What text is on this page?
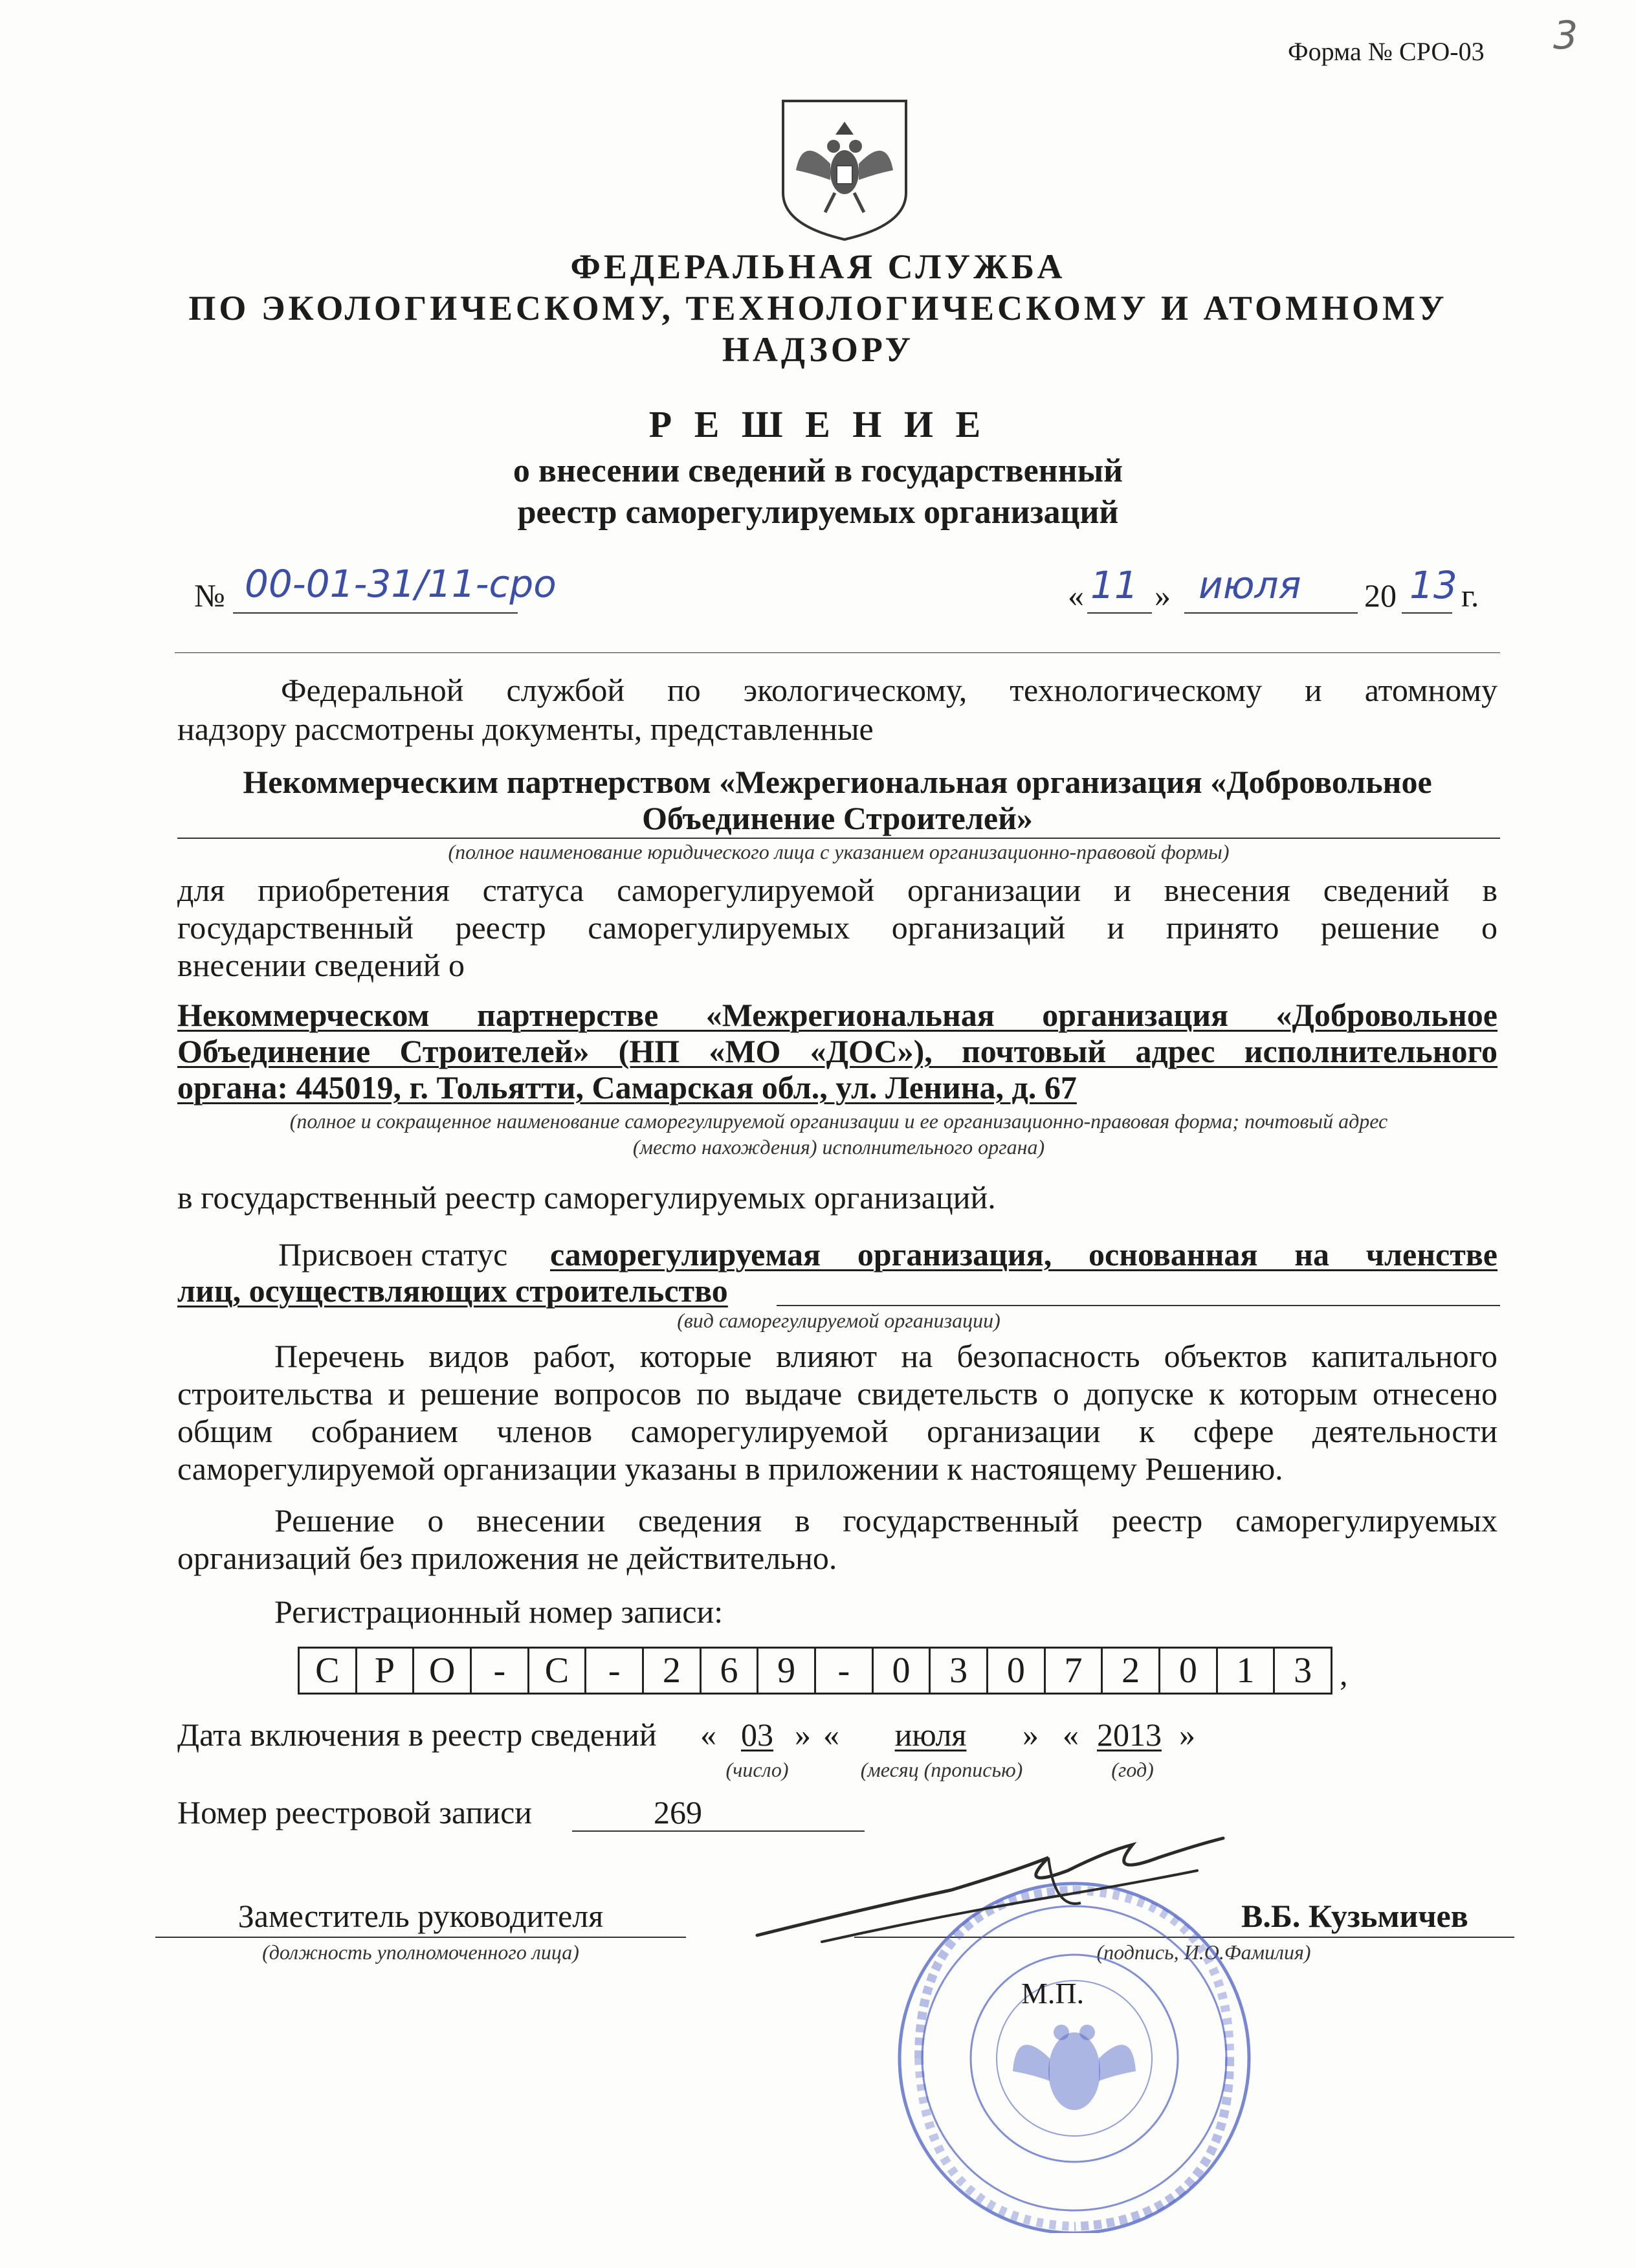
Форма № СРО-03 3
ФЕДЕРАЛЬНАЯ СЛУЖБА
ПО ЭКОЛОГИЧЕСКОМУ, ТЕХНОЛОГИЧЕСКОМУ И АТОМНОМУ
НАДЗОРУ
Р Е Ш Е Н И Е
о внесении сведений в государственный
реестр саморегулируемых организаций
№ 00-01-31/11-сро	« 11 » июля 20 13 г.
Федеральной службой по экологическому, технологическому и атомному
надзору рассмотрены документы, представленные
Некоммерческим партнерством «Межрегиональная организация «Добровольное
Объединение Строителей»
(полное наименование юридического лица с указанием организационно-правовой формы)
для приобретения статуса саморегулируемой организации и внесения сведений в
государственный реестр саморегулируемых организаций и принято решение о
внесении сведений о
Некоммерческом партнерстве «Межрегиональная организация «Добровольное
Объединение Строителей» (НП «МО «ДОС»), почтовый адрес исполнительного
органа: 445019, г. Тольятти, Самарская обл., ул. Ленина, д. 67
(полное и сокращенное наименование саморегулируемой организации и ее организационно-правовая форма; почтовый адрес
(место нахождения) исполнительного органа)
в государственный реестр саморегулируемых организаций.
Присвоен статус саморегулируемая организация, основанная на членстве
лиц, осуществляющих строительство
(вид саморегулируемой организации)
Перечень видов работ, которые влияют на безопасность объектов капитального
строительства и решение вопросов по выдаче свидетельств о допуске к которым отнесено
общим собранием членов саморегулируемой организации к сфере деятельности
саморегулируемой организации указаны в приложении к настоящему Решению.
Решение о внесении сведения в государственный реестр саморегулируемых
организаций без приложения не действительно.
Регистрационный номер записи:
С Р О	-	С	-	2	6	9	-	0	3	0	7	2	0	1	3 ,
Дата включения в реестр сведений « 03 » «	июля	» « 2013 »
(число)	(месяц (прописью)	(год)
Номер реестровой записи	269
Заместитель руководителя
(должность уполномоченного лица)
В.Б. Кузьмичев
(подпись, И.О.Фамилия)
М.П.
